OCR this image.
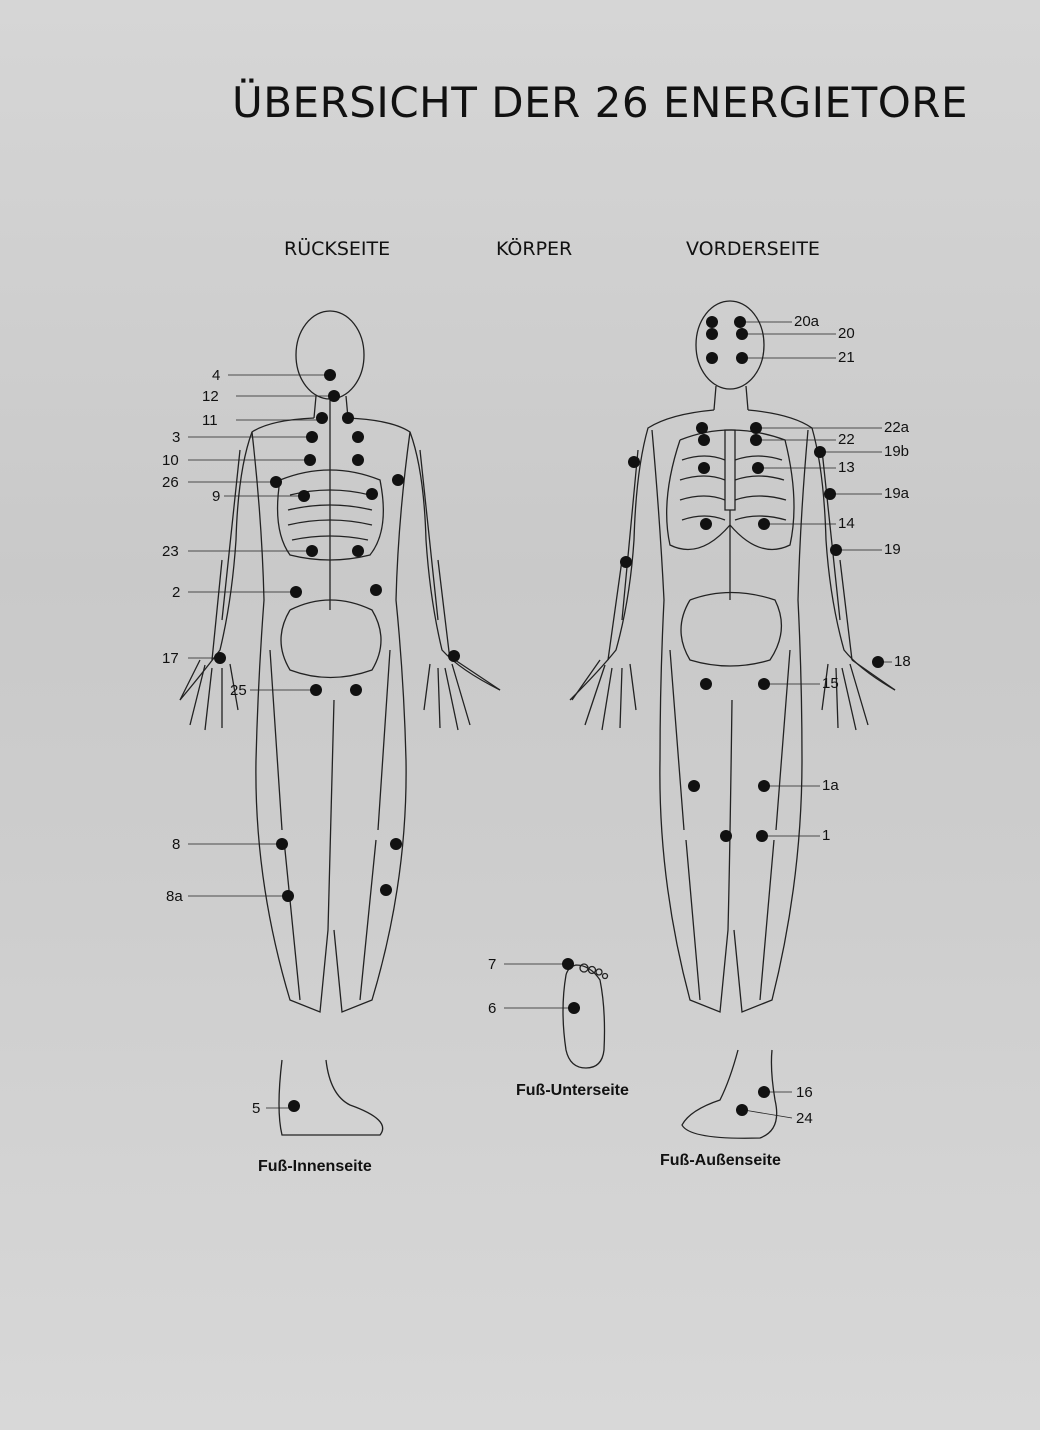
ÜBERSICHT DER 26 ENERGIETORE
RÜCKSEITE	KÖRPER	VORDERSEITE
4
12
11
3
10
26
9
23
2
17
25
8
8a
20a
20
21
22a
22
19b
13
19a
14
19
18
15
1a
1
7
6
5
16
24
Fuß-Innenseite
Fuß-Unterseite
Fuß-Außenseite
